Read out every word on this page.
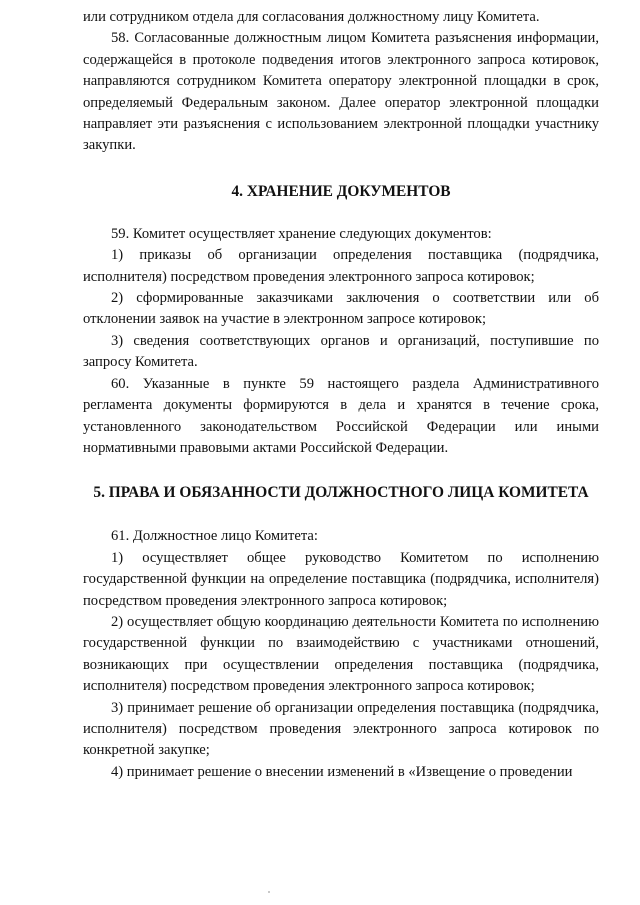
или сотрудником отдела для согласования должностному лицу Комитета.

58. Согласованные должностным лицом Комитета разъяснения информации, содержащейся в протоколе подведения итогов электронного запроса котировок, направляются сотрудником Комитета оператору электронной площадки в срок, определяемый Федеральным законом. Далее оператор электронной площадки направляет эти разъяснения с использованием электронной площадки участнику закупки.

4. ХРАНЕНИЕ ДОКУМЕНТОВ

59. Комитет осуществляет хранение следующих документов:

1) приказы об организации определения поставщика (подрядчика, исполнителя) посредством проведения электронного запроса котировок;

2) сформированные заказчиками заключения о соответствии или об отклонении заявок на участие в электронном запросе котировок;

3) сведения соответствующих органов и организаций, поступившие по запросу Комитета.

60. Указанные в пункте 59 настоящего раздела Административного регламента документы формируются в дела и хранятся в течение срока, установленного законодательством Российской Федерации или иными нормативными правовыми актами Российской Федерации.

5. ПРАВА И ОБЯЗАННОСТИ ДОЛЖНОСТНОГО ЛИЦА КОМИТЕТА

61. Должностное лицо Комитета:

1) осуществляет общее руководство Комитетом по исполнению государственной функции на определение поставщика (подрядчика, исполнителя) посредством проведения электронного запроса котировок;

2) осуществляет общую координацию деятельности Комитета по исполнению государственной функции по взаимодействию с участниками отношений, возникающих при осуществлении определения поставщика (подрядчика, исполнителя) посредством проведения электронного запроса котировок;

3) принимает решение об организации определения поставщика (подрядчика, исполнителя) посредством проведения электронного запроса котировок по конкретной закупке;

4) принимает решение о внесении изменений в «Извещение о проведении
